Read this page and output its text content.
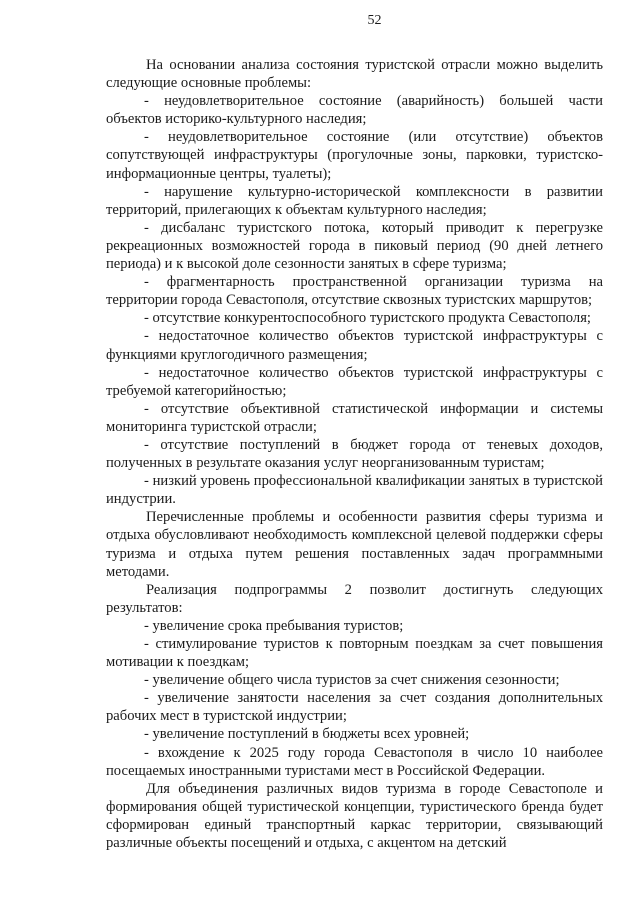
52

На основании анализа состояния туристской отрасли можно выделить следующие основные проблемы:

- неудовлетворительное состояние (аварийность) большей части объектов историко-культурного наследия;

- неудовлетворительное состояние (или отсутствие) объектов сопутствующей инфраструктуры (прогулочные зоны, парковки, туристско-информационные центры, туалеты);

- нарушение культурно-исторической комплексности в развитии территорий, прилегающих к объектам культурного наследия;

- дисбаланс туристского потока, который приводит к перегрузке рекреационных возможностей города в пиковый период (90 дней летнего периода) и к высокой доле сезонности занятых в сфере туризма;

- фрагментарность пространственной организации туризма на территории города Севастополя, отсутствие сквозных туристских маршрутов;

- отсутствие конкурентоспособного туристского продукта Севастополя;

- недостаточное количество объектов туристской инфраструктуры с функциями круглогодичного размещения;

- недостаточное количество объектов туристской инфраструктуры с требуемой категорийностью;

- отсутствие объективной статистической информации и системы мониторинга туристской отрасли;

- отсутствие поступлений в бюджет города от теневых доходов, полученных в результате оказания услуг неорганизованным туристам;

- низкий уровень профессиональной квалификации занятых в туристской индустрии.

Перечисленные проблемы и особенности развития сферы туризма и отдыха обусловливают необходимость комплексной целевой поддержки сферы туризма и отдыха путем решения поставленных задач программными методами.

Реализация подпрограммы 2 позволит достигнуть следующих результатов:

- увеличение срока пребывания туристов;

- стимулирование туристов к повторным поездкам за счет повышения мотивации к поездкам;

- увеличение общего числа туристов за счет снижения сезонности;

- увеличение занятости населения за счет создания дополнительных рабочих мест в туристской индустрии;

- увеличение поступлений в бюджеты всех уровней;

- вхождение к 2025 году города Севастополя в число 10 наиболее посещаемых иностранными туристами мест в Российской Федерации.

Для объединения различных видов туризма в городе Севастополе и формирования общей туристической концепции, туристического бренда будет сформирован единый транспортный каркас территории, связывающий различные объекты посещений и отдыха, с акцентом на детский
